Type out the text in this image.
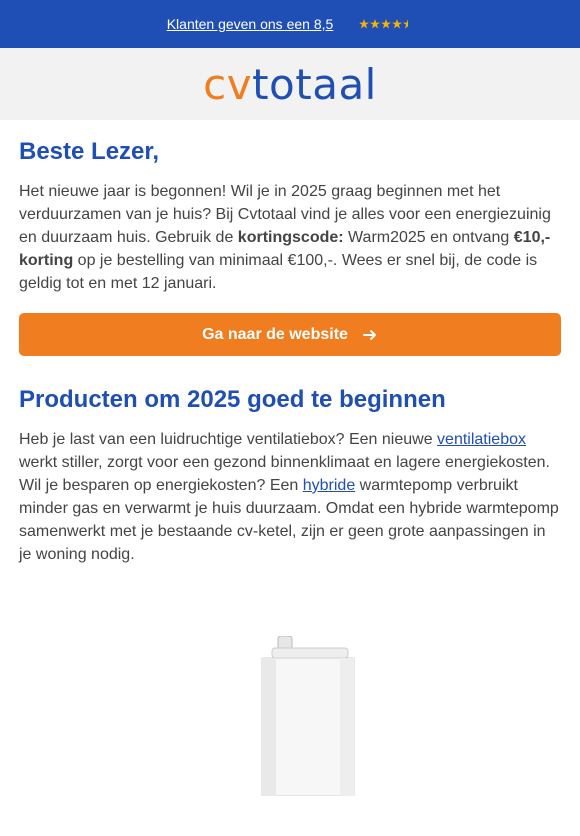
Klanten geven ons een 8,5
cvtotaal
Beste Lezer,

Het nieuwe jaar is begonnen! Wil je in 2025 graag beginnen met het verduurzamen van je huis? Bij Cvtotaal vind je alles voor een energiezuinig en duurzaam huis. Gebruik de kortingscode: Warm2025 en ontvang €10,- korting op je bestelling van minimaal €100,-. Wees er snel bij, de code is geldig tot en met 12 januari.

Ga naar de website
Producten om 2025 goed te beginnen

Heb je last van een luidruchtige ventilatiebox? Een nieuwe ventilatiebox werkt stiller, zorgt voor een gezond binnenklimaat en lagere energiekosten. Wil je besparen op energiekosten? Een hybride warmtepomp verbruikt minder gas en verwarmt je huis duurzaam. Omdat een hybride warmtepomp samenwerkt met je bestaande cv-ketel, zijn er geen grote aanpassingen in je woning nodig.
